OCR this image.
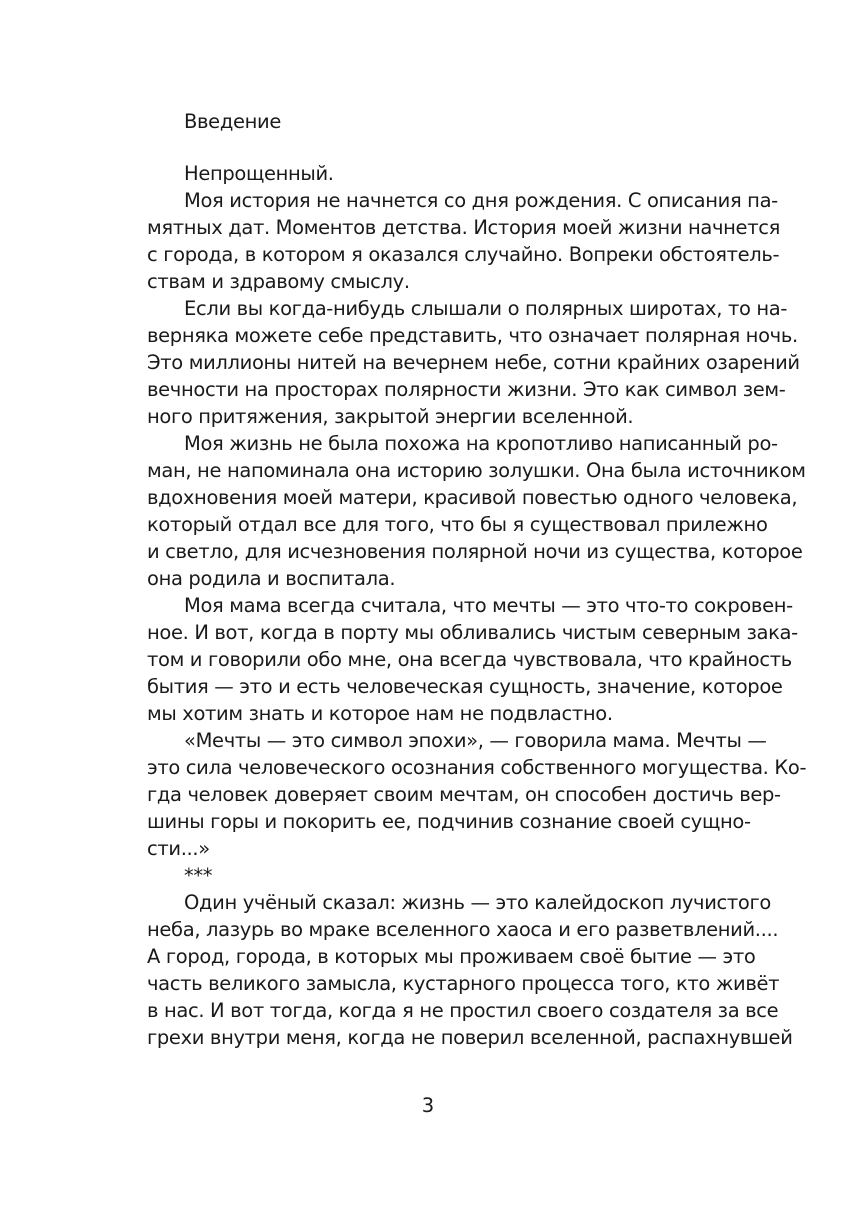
Введение
Непрощенный.
Моя история не начнется со дня рождения. С описания па-
мятных дат. Моментов детства. История моей жизни начнется
с города, в котором я оказался случайно. Вопреки обстоятель-
ствам и здравому смыслу.
Если вы когда-нибудь слышали о полярных широтах, то на-
верняка можете себе представить, что означает полярная ночь.
Это миллионы нитей на вечернем небе, сотни крайних озарений
вечности на просторах полярности жизни. Это как символ зем-
ного притяжения, закрытой энергии вселенной.
Моя жизнь не была похожа на кропотливо написанный ро-
ман, не напоминала она историю золушки. Она была источником
вдохновения моей матери, красивой повестью одного человека,
который отдал все для того, что бы я существовал прилежно
и светло, для исчезновения полярной ночи из существа, которое
она родила и воспитала.
Моя мама всегда считала, что мечты — это что-то сокровен-
ное. И вот, когда в порту мы обливались чистым северным зака-
том и говорили обо мне, она всегда чувствовала, что крайность
бытия — это и есть человеческая сущность, значение, которое
мы хотим знать и которое нам не подвластно.
«Мечты — это символ эпохи», — говорила мама. Мечты —
это сила человеческого осознания собственного могущества. Ко-
гда человек доверяет своим мечтам, он способен достичь вер-
шины горы и покорить ее, подчинив сознание своей сущно-
сти...»
***
Один учёный сказал: жизнь — это калейдоскоп лучистого
неба, лазурь во мраке вселенного хаоса и его разветвлений....
А город, города, в которых мы проживаем своё бытие — это
часть великого замысла, кустарного процесса того, кто живёт
в нас. И вот тогда, когда я не простил своего создателя за все
грехи внутри меня, когда не поверил вселенной, распахнувшей
3
